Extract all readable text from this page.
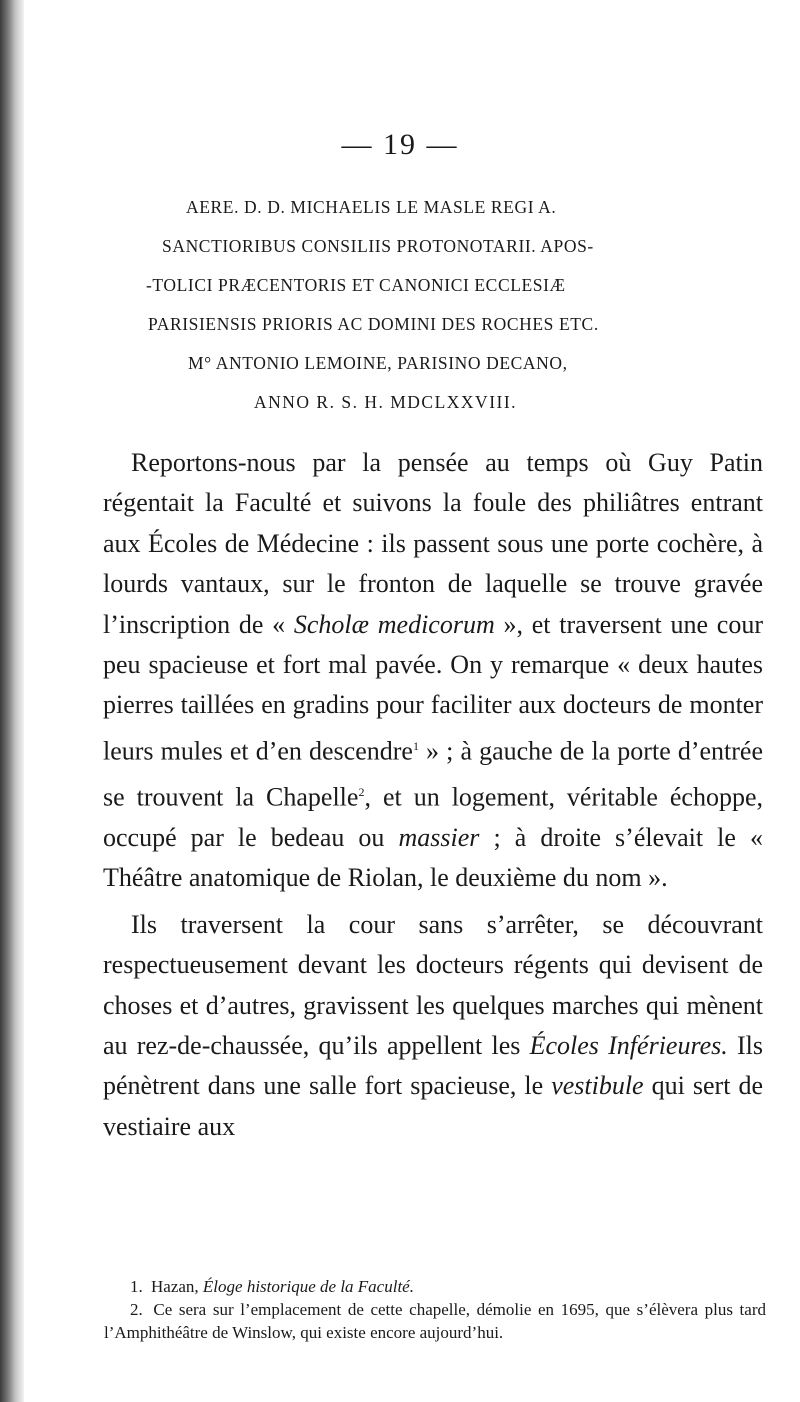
— 19 —
AERE. D. D. MICHAELIS LE MASLE REGI A.
SANCTIORIBUS CONSILIIS PROTONOTARII. APOS-
-TOLICI PRÆCENTORIS ET CANONICI ECCLESIÆ
PARISIENSIS PRIORIS AC DOMINI DES ROCHES ETC.
M° ANTONIO LEMOINE, PARISINO DECANO,
ANNO R. S. H. MDCLXXVIII.

Reportons-nous par la pensée au temps où Guy Patin régentait la Faculté et suivons la foule des philiâtres entrant aux Écoles de Médecine : ils passent sous une porte cochère, à lourds vantaux, sur le fronton de laquelle se trouve gravée l’inscription de « Scholæ medicorum », et traversent une cour peu spacieuse et fort mal pavée. On y remarque « deux hautes pierres taillées en gradins pour faciliter aux docteurs de monter leurs mules et d’en descendre$^1$ » ; à gauche de la porte d’entrée se trouvent la Chapelle$^2$, et un logement, véritable échoppe, occupé par le bedeau ou massier ; à droite s’élevait le « Théâtre anatomique de Riolan, le deuxième du nom ».

Ils traversent la cour sans s’arrêter, se découvrant respectueusement devant les docteurs régents qui devisent de choses et d’autres, gravissent les quelques marches qui mènent au rez-de-chaussée, qu’ils appellent les Écoles Inférieures. Ils pénètrent dans une salle fort spacieuse, le vestibule qui sert de vestiaire aux

1. Hazan, Éloge historique de la Faculté.

2. Ce sera sur l’emplacement de cette chapelle, démolie en 1695, que s’élèvera plus tard l’Amphithéâtre de Winslow, qui existe encore aujourd’hui.
